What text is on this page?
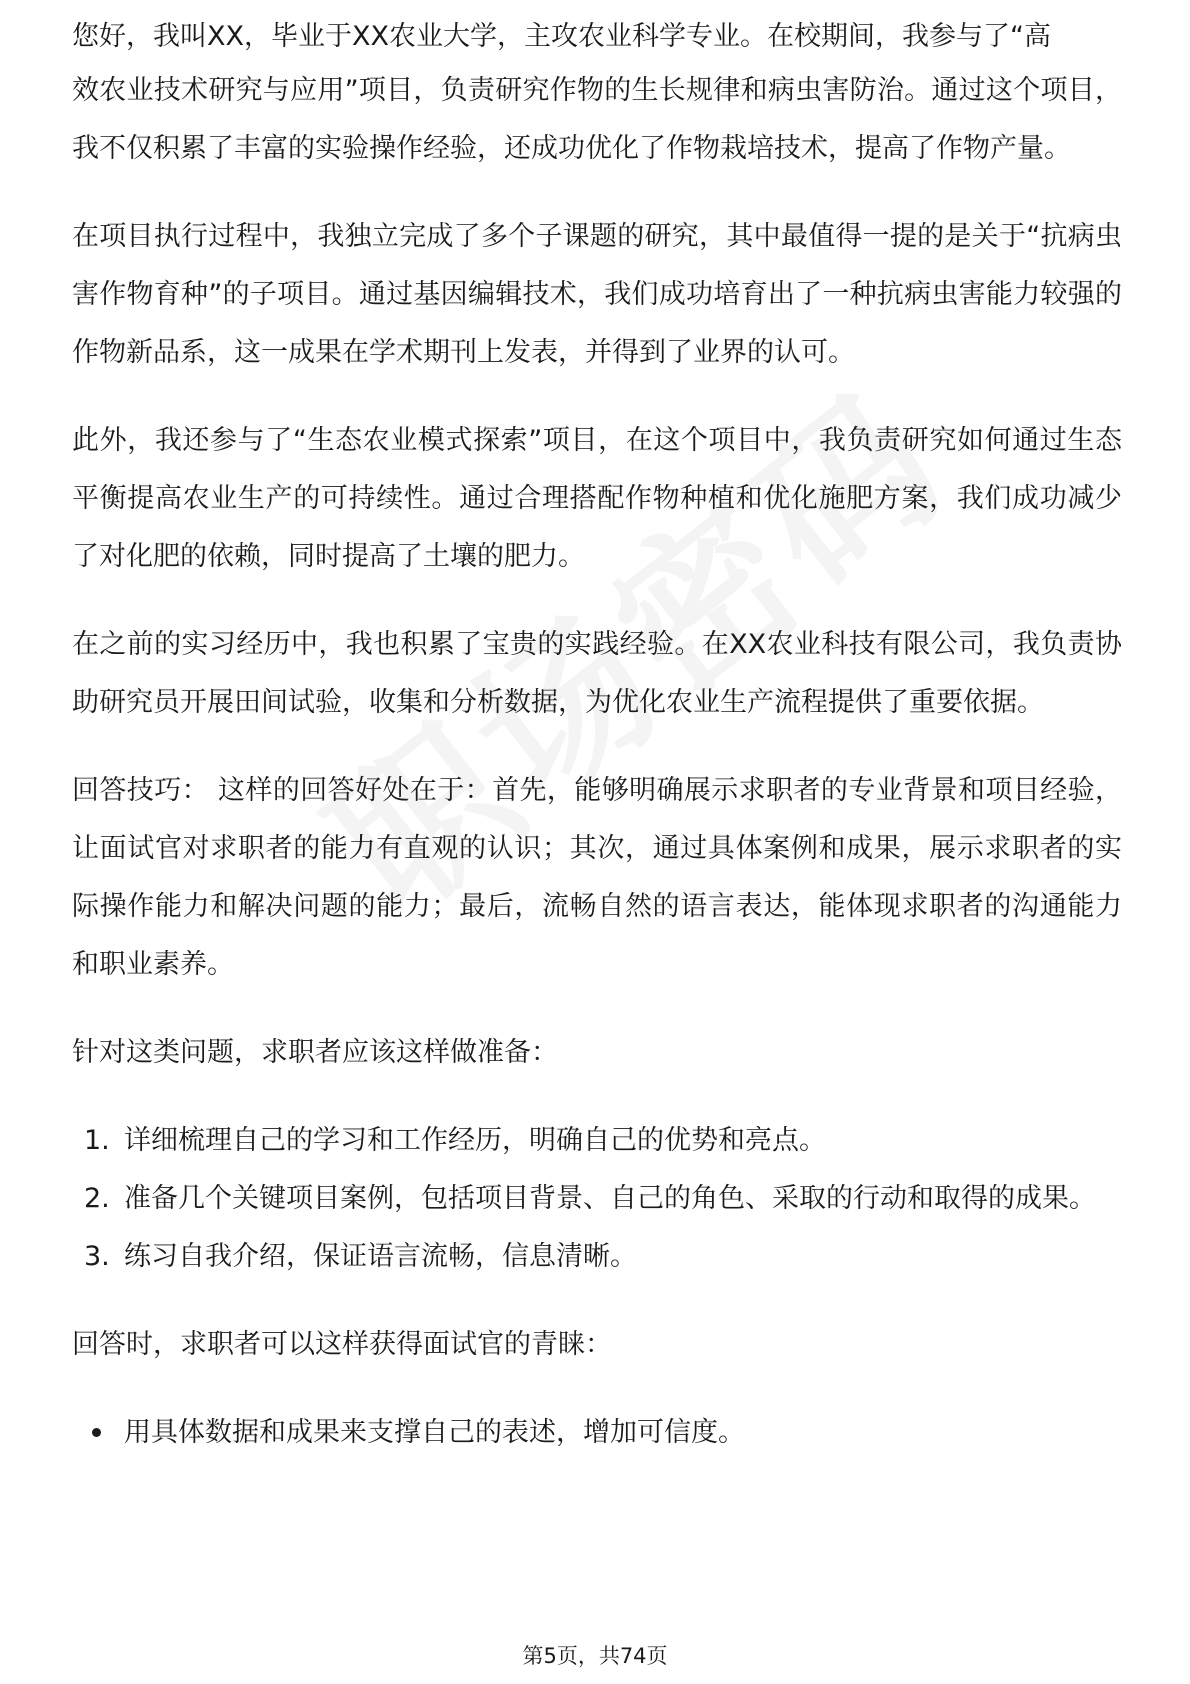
您好，我叫XX，毕业于XX农业大学，主攻农业科学专业。在校期间，我参与了“高

效农业技术研究与应用”项目，负责研究作物的生长规律和病虫害防治。通过这个项目，我不仅积累了丰富的实验操作经验，还成功优化了作物栽培技术，提高了作物产量。

在项目执行过程中，我独立完成了多个子课题的研究，其中最值得一提的是关于“抗病虫害作物育种”的子项目。通过基因编辑技术，我们成功培育出了一种抗病虫害能力较强的作物新品系，这一成果在学术期刊上发表，并得到了业界的认可。

此外，我还参与了“生态农业模式探索”项目，在这个项目中，我负责研究如何通过生态平衡提高农业生产的可持续性。通过合理搭配作物种植和优化施肥方案，我们成功减少了对化肥的依赖，同时提高了土壤的肥力。

在之前的实习经历中，我也积累了宝贵的实践经验。在XX农业科技有限公司，我负责协助研究员开展田间试验，收集和分析数据，为优化农业生产流程提供了重要依据。

回答技巧： 这样的回答好处在于：首先，能够明确展示求职者的专业背景和项目经验，让面试官对求职者的能力有直观的认识；其次，通过具体案例和成果，展示求职者的实际操作能力和解决问题的能力；最后，流畅自然的语言表达，能体现求职者的沟通能力和职业素养。

针对这类问题，求职者应该这样做准备：

1. 详细梳理自己的学习和工作经历，明确自己的优势和亮点。
2. 准备几个关键项目案例，包括项目背景、自己的角色、采取的行动和取得的成果。
3. 练习自我介绍，保证语言流畅，信息清晰。

回答时，求职者可以这样获得面试官的青睐：

用具体数据和成果来支撑自己的表述，增加可信度。
第5页，共74页
